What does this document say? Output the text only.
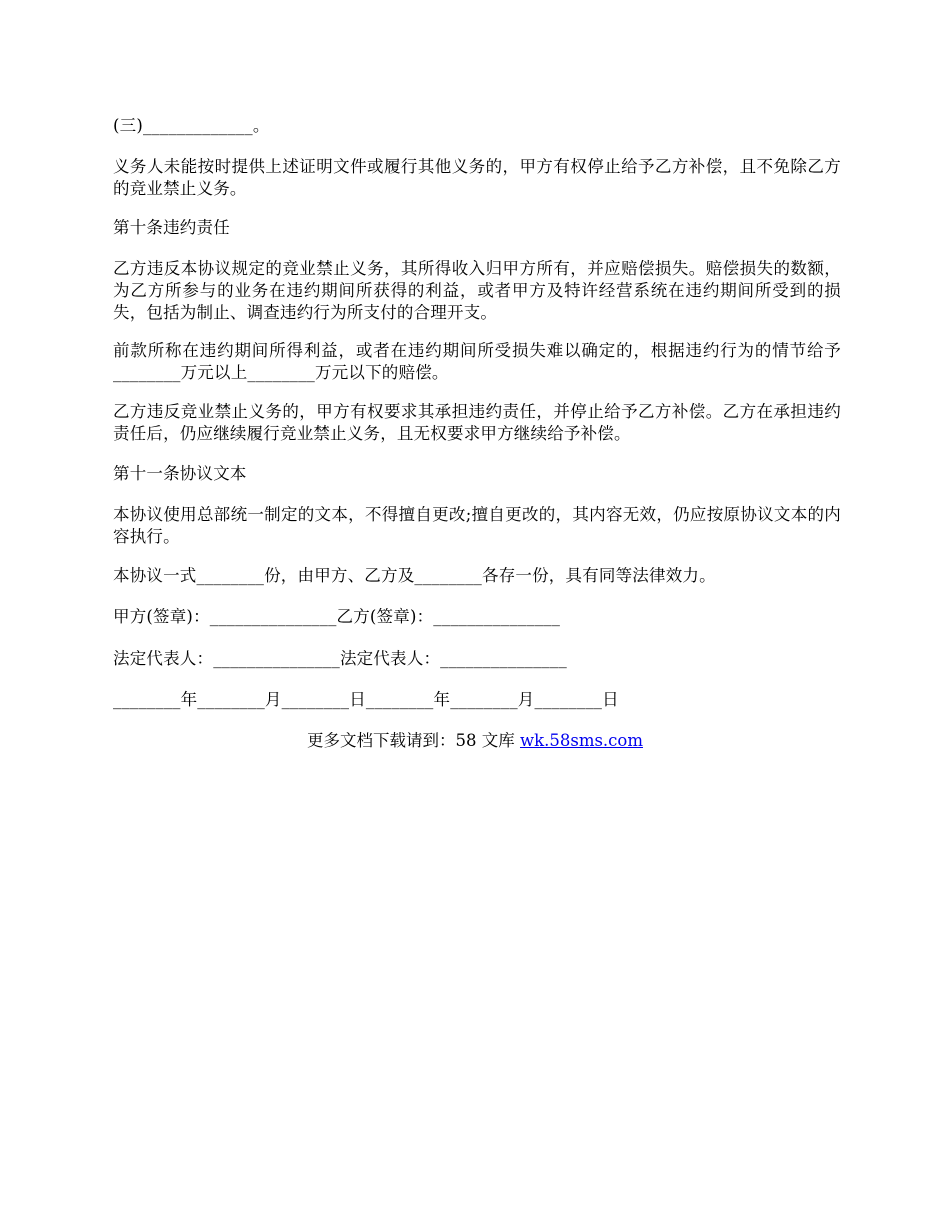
(三)_____________。

义务人未能按时提供上述证明文件或履行其他义务的，甲方有权停止给予乙方补偿，且不免除乙方的竞业禁止义务。

第十条违约责任

乙方违反本协议规定的竞业禁止义务，其所得收入归甲方所有，并应赔偿损失。赔偿损失的数额，为乙方所参与的业务在违约期间所获得的利益，或者甲方及特许经营系统在违约期间所受到的损失，包括为制止、调查违约行为所支付的合理开支。

前款所称在违约期间所得利益，或者在违约期间所受损失难以确定的，根据违约行为的情节给予________万元以上________万元以下的赔偿。

乙方违反竞业禁止义务的，甲方有权要求其承担违约责任，并停止给予乙方补偿。乙方在承担违约责任后，仍应继续履行竞业禁止义务，且无权要求甲方继续给予补偿。

第十一条协议文本

本协议使用总部统一制定的文本，不得擅自更改;擅自更改的，其内容无效，仍应按原协议文本的内容执行。

本协议一式________份，由甲方、乙方及________各存一份，具有同等法律效力。

甲方(签章)：_______________乙方(签章)：_______________

法定代表人：_______________法定代表人：_______________

________年________月________日________年________月________日

更多文档下载请到：58 文库 wk.58sms.com
